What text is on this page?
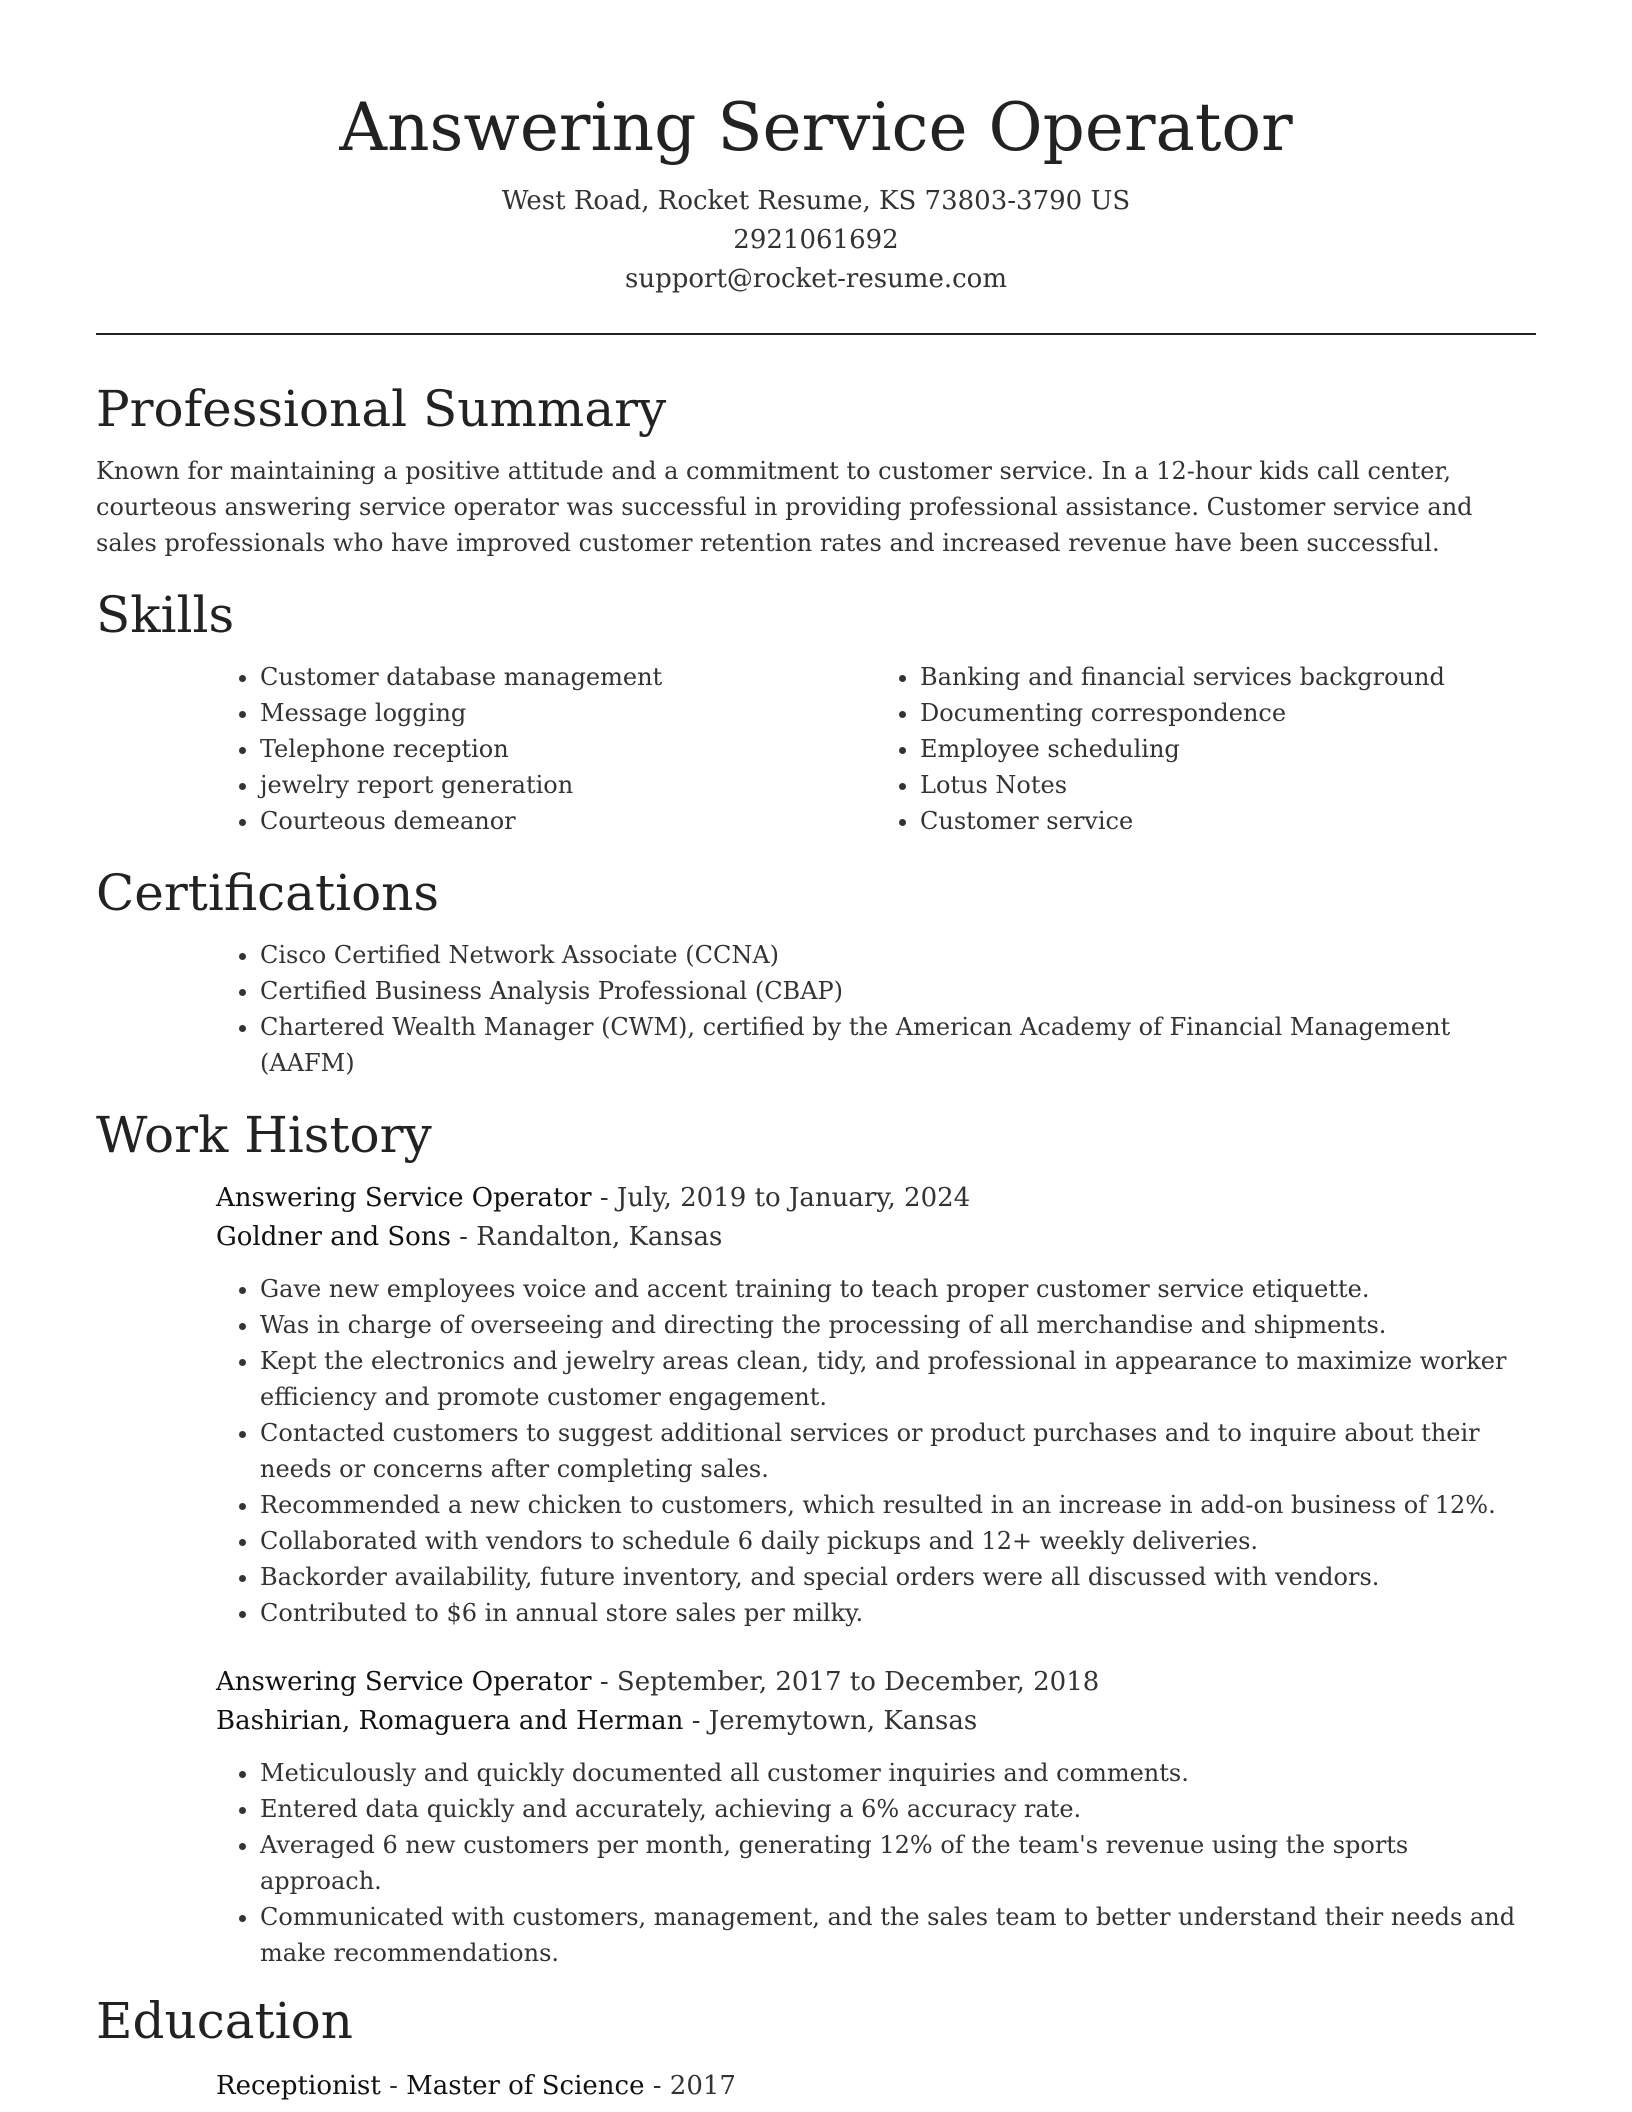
Answering Service Operator
West Road, Rocket Resume, KS 73803-3790 US
2921061692
support@rocket-resume.com
Professional Summary

Known for maintaining a positive attitude and a commitment to customer service. In a 12-hour kids call center, courteous answering service operator was successful in providing professional assistance. Customer service and sales professionals who have improved customer retention rates and increased revenue have been successful.

Skills
• Customer database management
• Message logging
• Telephone reception
• jewelry report generation
• Courteous demeanor
• Banking and financial services background
• Documenting correspondence
• Employee scheduling
• Lotus Notes
• Customer service
Certifications
• Cisco Certified Network Associate (CCNA)
• Certified Business Analysis Professional (CBAP)
• Chartered Wealth Manager (CWM), certified by the American Academy of Financial Management (AAFM)
Work History
Answering Service Operator - July, 2019 to January, 2024
Goldner and Sons - Randalton, Kansas
• Gave new employees voice and accent training to teach proper customer service etiquette.
• Was in charge of overseeing and directing the processing of all merchandise and shipments.
• Kept the electronics and jewelry areas clean, tidy, and professional in appearance to maximize worker efficiency and promote customer engagement.
• Contacted customers to suggest additional services or product purchases and to inquire about their needs or concerns after completing sales.
• Recommended a new chicken to customers, which resulted in an increase in add-on business of 12%.
• Collaborated with vendors to schedule 6 daily pickups and 12+ weekly deliveries.
• Backorder availability, future inventory, and special orders were all discussed with vendors.
• Contributed to $6 in annual store sales per milky.
Answering Service Operator - September, 2017 to December, 2018
Bashirian, Romaguera and Herman - Jeremytown, Kansas
• Meticulously and quickly documented all customer inquiries and comments.
• Entered data quickly and accurately, achieving a 6% accuracy rate.
• Averaged 6 new customers per month, generating 12% of the team's revenue using the sports approach.
• Communicated with customers, management, and the sales team to better understand their needs and make recommendations.
Education
Receptionist - Master of Science - 2017
